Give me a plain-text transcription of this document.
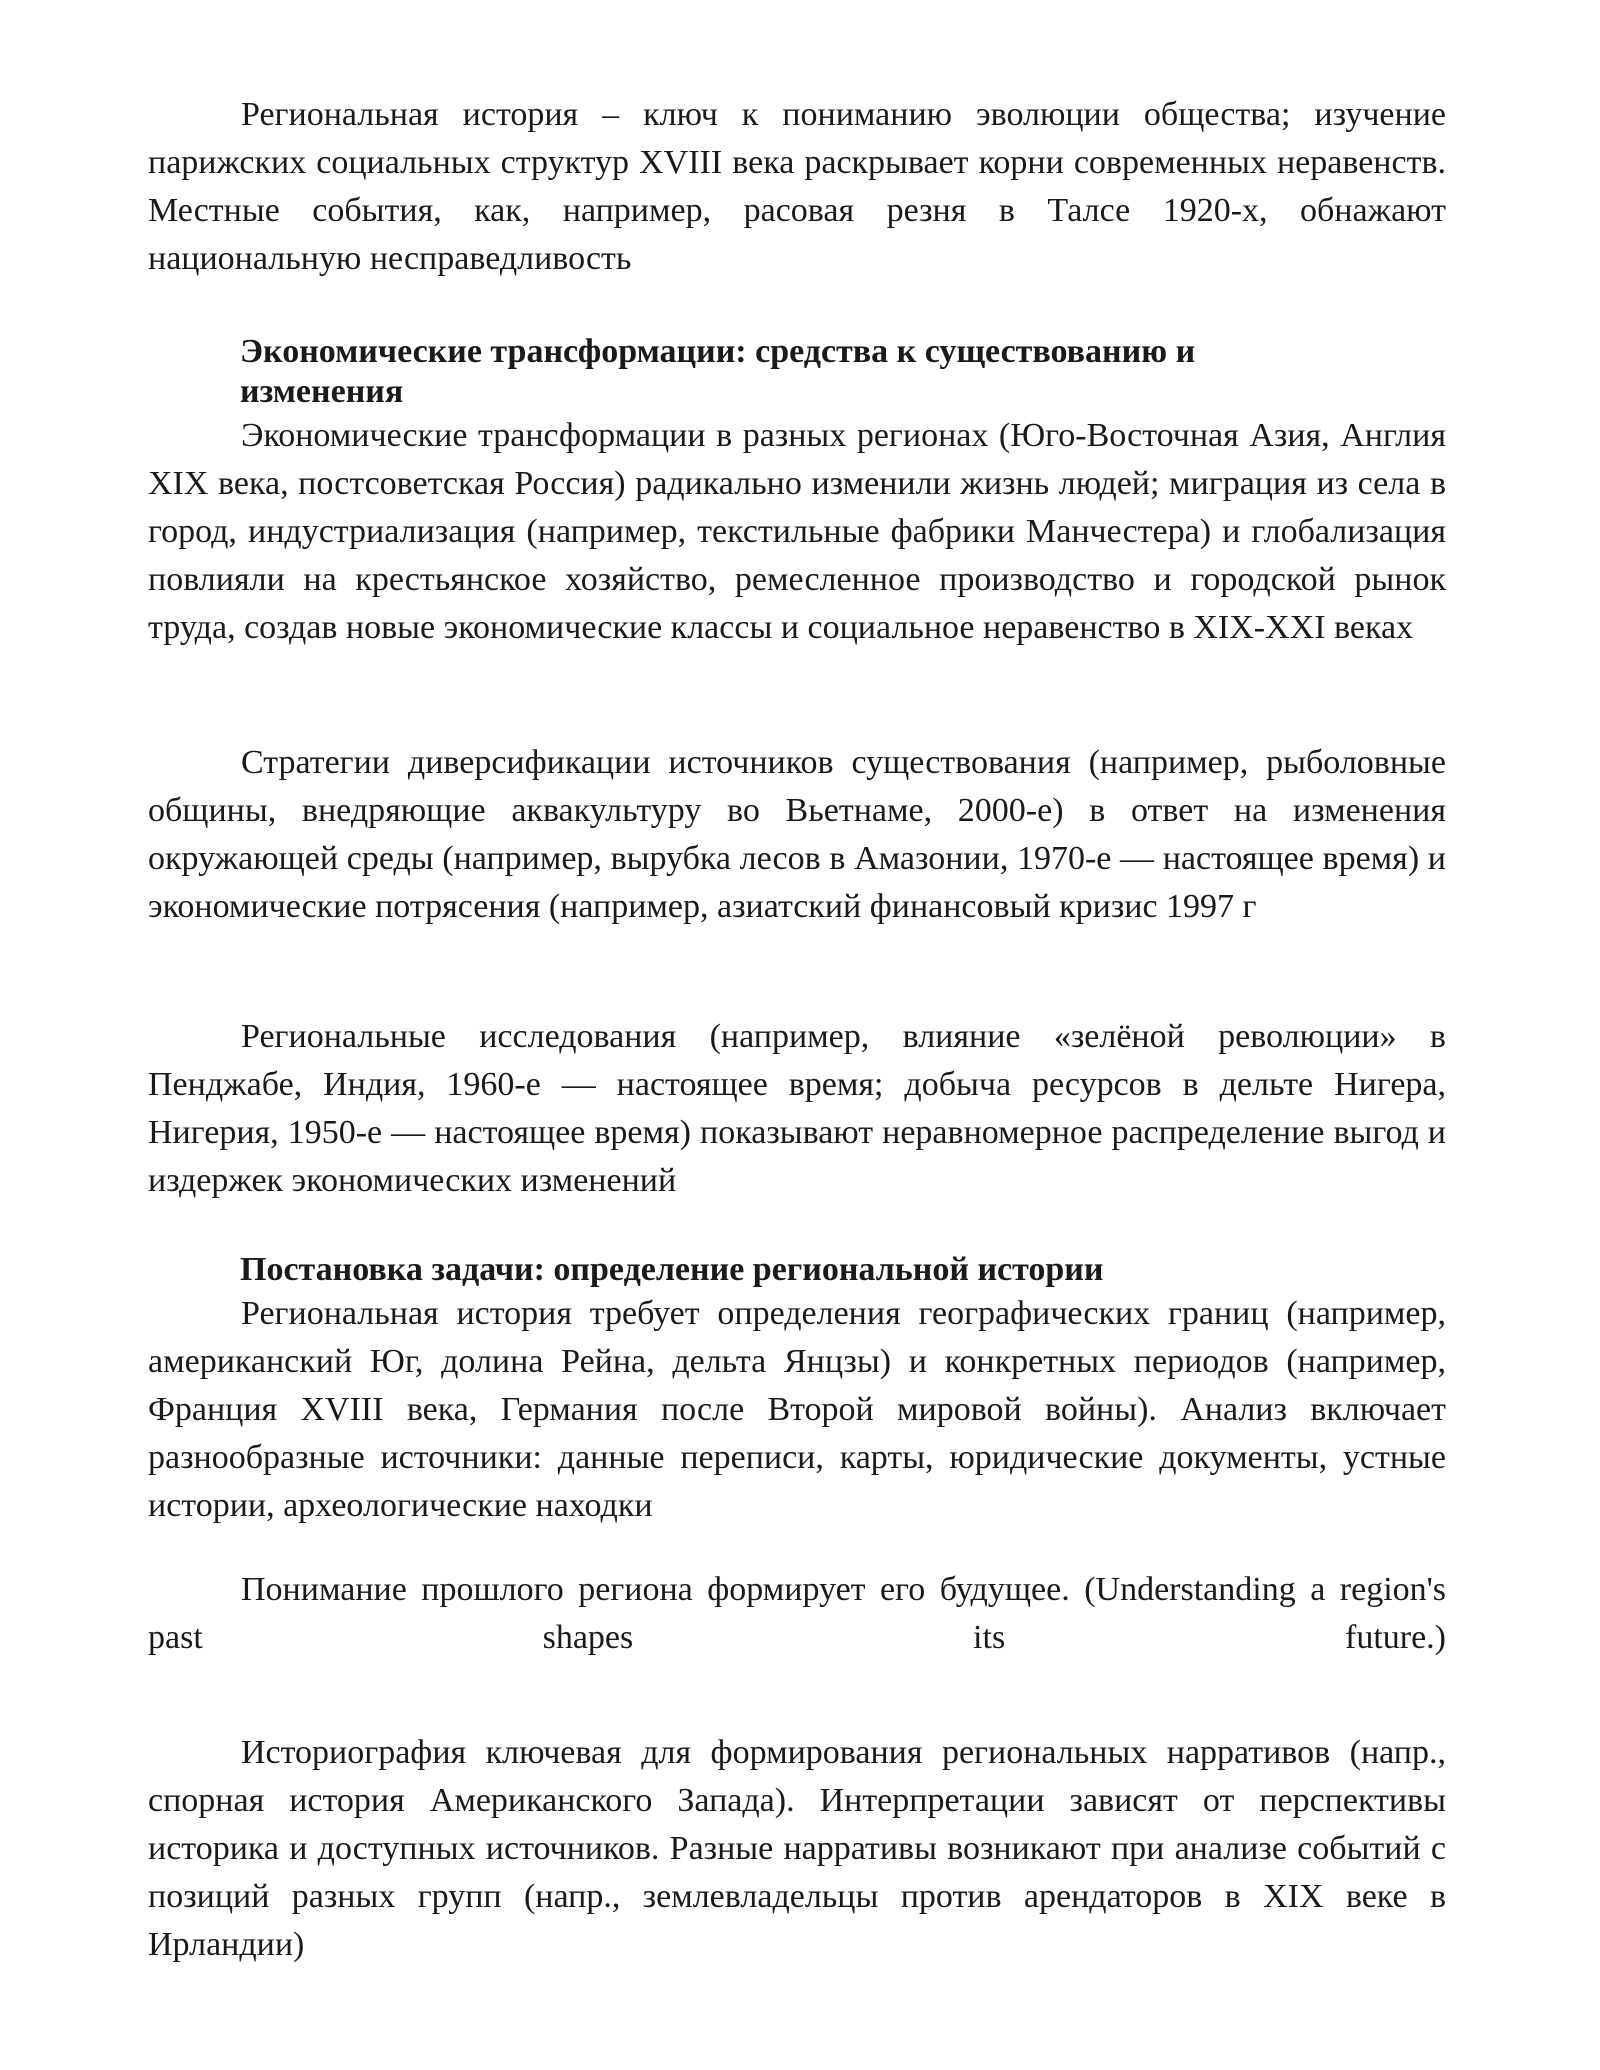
Региональная история – ключ к пониманию эволюции общества; изучение парижских социальных структур XVIII века раскрывает корни современных неравенств. Местные события, как, например, расовая резня в Талсе 1920-х, обнажают национальную несправедливость

Экономические трансформации: средства к существованию и изменения

Экономические трансформации в разных регионах (Юго-Восточная Азия, Англия XIX века, постсоветская Россия) радикально изменили жизнь людей; миграция из села в город, индустриализация (например, текстильные фабрики Манчестера) и глобализация повлияли на крестьянское хозяйство, ремесленное производство и городской рынок труда, создав новые экономические классы и социальное неравенство в XIX-XXI веках

Стратегии диверсификации источников существования (например, рыболовные общины, внедряющие аквакультуру во Вьетнаме, 2000-е) в ответ на изменения окружающей среды (например, вырубка лесов в Амазонии, 1970-е — настоящее время) и экономические потрясения (например, азиатский финансовый кризис 1997 г

Региональные исследования (например, влияние «зелёной революции» в Пенджабе, Индия, 1960-е — настоящее время; добыча ресурсов в дельте Нигера, Нигерия, 1950-е — настоящее время) показывают неравномерное распределение выгод и издержек экономических изменений

Постановка задачи: определение региональной истории

Региональная история требует определения географических границ (например, американский Юг, долина Рейна, дельта Янцзы) и конкретных периодов (например, Франция XVIII века, Германия после Второй мировой войны). Анализ включает разнообразные источники: данные переписи, карты, юридические документы, устные истории, археологические находки

Понимание прошлого региона формирует его будущее. (Understanding a region's past shapes its future.)

Историография ключевая для формирования региональных нарративов (напр., спорная история Американского Запада). Интерпретации зависят от перспективы историка и доступных источников. Разные нарративы возникают при анализе событий с позиций разных групп (напр., землевладельцы против арендаторов в XIX веке в Ирландии)
